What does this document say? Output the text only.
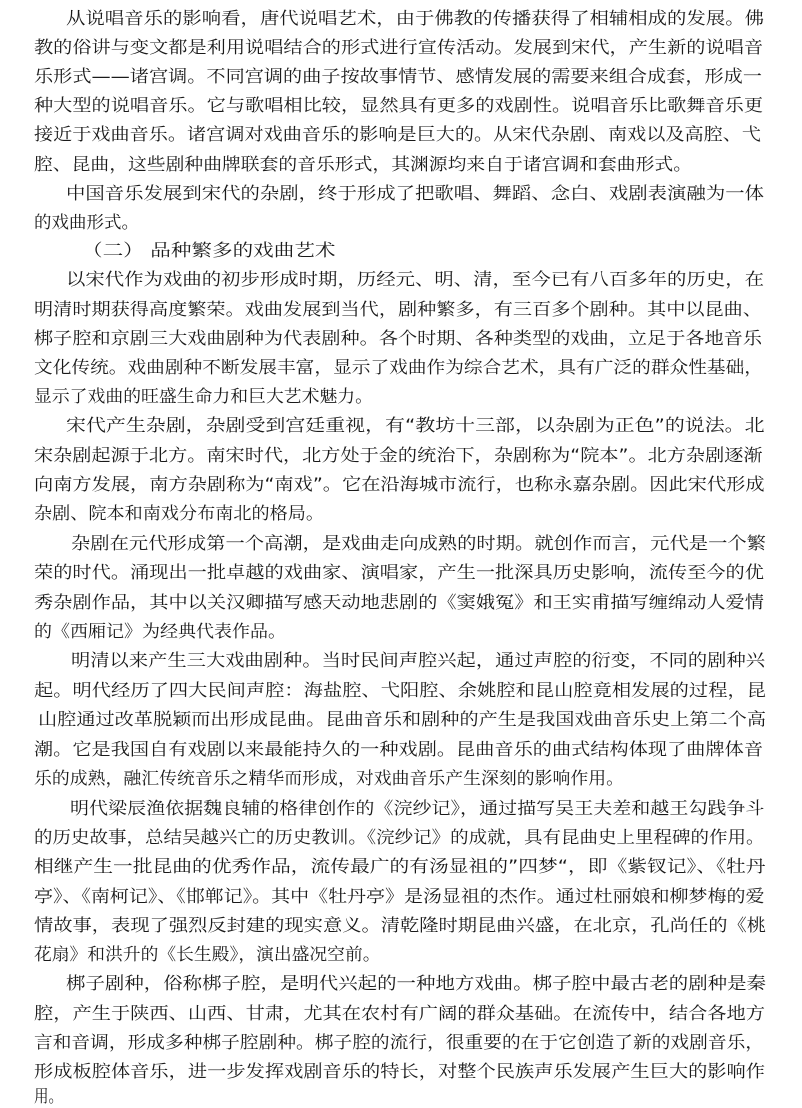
从说唱音乐的影响看，唐代说唱艺术，由于佛教的传播获得了相辅相成的发展。佛
教的俗讲与变文都是利用说唱结合的形式进行宣传活动。发展到宋代，产生新的说唱音
乐形式——诸宫调。不同宫调的曲子按故事情节、感情发展的需要来组合成套，形成一
种大型的说唱音乐。它与歌唱相比较，显然具有更多的戏剧性。说唱音乐比歌舞音乐更
接近于戏曲音乐。诸宫调对戏曲音乐的影响是巨大的。从宋代杂剧、南戏以及高腔、弋
腔、昆曲，这些剧种曲牌联套的音乐形式，其渊源均来自于诸宫调和套曲形式。
中国音乐发展到宋代的杂剧，终于形成了把歌唱、舞蹈、念白、戏剧表演融为一体
的戏曲形式。
（二） 品种繁多的戏曲艺术
以宋代作为戏曲的初步形成时期，历经元、明、清，至今已有八百多年的历史，在
明清时期获得高度繁荣。戏曲发展到当代，剧种繁多，有三百多个剧种。其中以昆曲、
梆子腔和京剧三大戏曲剧种为代表剧种。各个时期、各种类型的戏曲，立足于各地音乐
文化传统。戏曲剧种不断发展丰富，显示了戏曲作为综合艺术，具有广泛的群众性基础，
显示了戏曲的旺盛生命力和巨大艺术魅力。
宋代产生杂剧，杂剧受到宫廷重视，有“教坊十三部，以杂剧为正色”的说法。北
宋杂剧起源于北方。南宋时代，北方处于金的统治下，杂剧称为“院本”。北方杂剧逐渐
向南方发展，南方杂剧称为“南戏”。它在沿海城市流行，也称永嘉杂剧。因此宋代形成
杂剧、院本和南戏分布南北的格局。
杂剧在元代形成第一个高潮，是戏曲走向成熟的时期。就创作而言，元代是一个繁
荣的时代。涌现出一批卓越的戏曲家、演唱家，产生一批深具历史影响，流传至今的优
秀杂剧作品，其中以关汉卿描写感天动地悲剧的《窦娥冤》和王实甫描写缠绵动人爱情
的《西厢记》为经典代表作品。
明清以来产生三大戏曲剧种。当时民间声腔兴起，通过声腔的衍变，不同的剧种兴
起。明代经历了四大民间声腔：海盐腔、弋阳腔、余姚腔和昆山腔竟相发展的过程，昆
山腔通过改革脱颖而出形成昆曲。昆曲音乐和剧种的产生是我国戏曲音乐史上第二个高
潮。它是我国自有戏剧以来最能持久的一种戏剧。昆曲音乐的曲式结构体现了曲牌体音
乐的成熟，融汇传统音乐之精华而形成，对戏曲音乐产生深刻的影响作用。
明代梁辰渔依据魏良辅的格律创作的《浣纱记》，通过描写吴王夫差和越王勾践争斗
的历史故事，总结吴越兴亡的历史教训。《浣纱记》的成就，具有昆曲史上里程碑的作用。
相继产生一批昆曲的优秀作品，流传最广的有汤显祖的”四梦“，即《紫钗记》、《牡丹
亭》、《南柯记》、《邯郸记》。其中《牡丹亭》是汤显祖的杰作。通过杜丽娘和柳梦梅的爱
情故事，表现了强烈反封建的现实意义。清乾隆时期昆曲兴盛，在北京，孔尚任的《桃
花扇》和洪升的《长生殿》，演出盛况空前。
梆子剧种，俗称梆子腔，是明代兴起的一种地方戏曲。梆子腔中最古老的剧种是秦
腔，产生于陕西、山西、甘肃，尤其在农村有广阔的群众基础。在流传中，结合各地方
言和音调，形成多种梆子腔剧种。梆子腔的流行，很重要的在于它创造了新的戏剧音乐，
形成板腔体音乐，进一步发挥戏剧音乐的特长，对整个民族声乐发展产生巨大的影响作
用。
